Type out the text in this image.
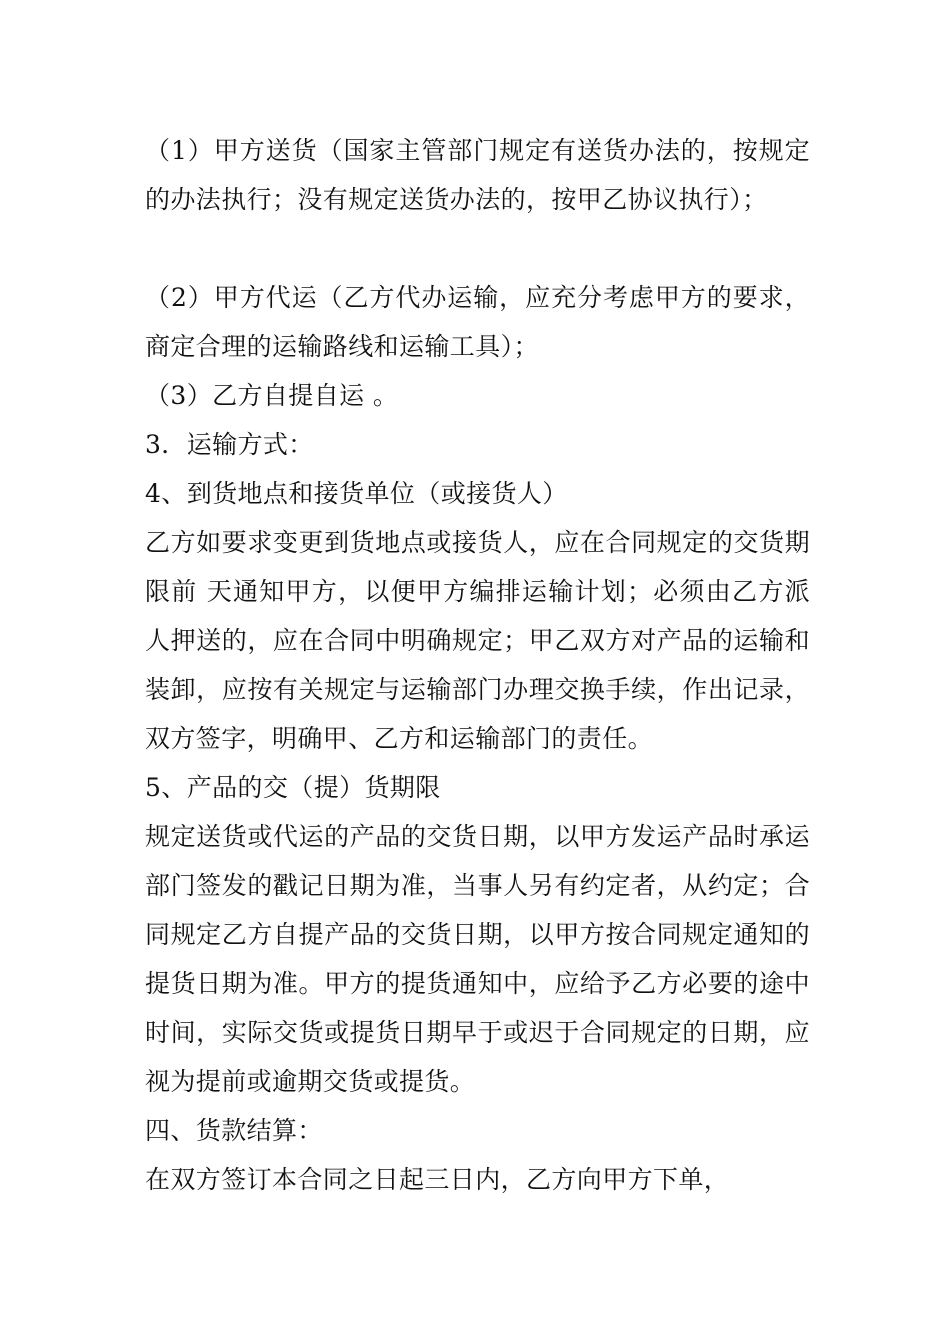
（1）甲方送货（国家主管部门规定有送货办法的，按规定的办法执行；没有规定送货办法的，按甲乙协议执行）；

（2）甲方代运（乙方代办运输，应充分考虑甲方的要求，商定合理的运输路线和运输工具）；

（3）乙方自提自运 。

3．运输方式：

4、到货地点和接货单位（或接货人）

乙方如要求变更到货地点或接货人，应在合同规定的交货期限前 天通知甲方，以便甲方编排运输计划；必须由乙方派人押送的，应在合同中明确规定；甲乙双方对产品的运输和装卸，应按有关规定与运输部门办理交换手续，作出记录，双方签字，明确甲、乙方和运输部门的责任。

5、产品的交（提）货期限

规定送货或代运的产品的交货日期，以甲方发运产品时承运部门签发的戳记日期为准，当事人另有约定者，从约定；合同规定乙方自提产品的交货日期，以甲方按合同规定通知的提货日期为准。甲方的提货通知中，应给予乙方必要的途中时间，实际交货或提货日期早于或迟于合同规定的日期，应视为提前或逾期交货或提货。

四、货款结算：

在双方签订本合同之日起三日内，乙方向甲方下单，
